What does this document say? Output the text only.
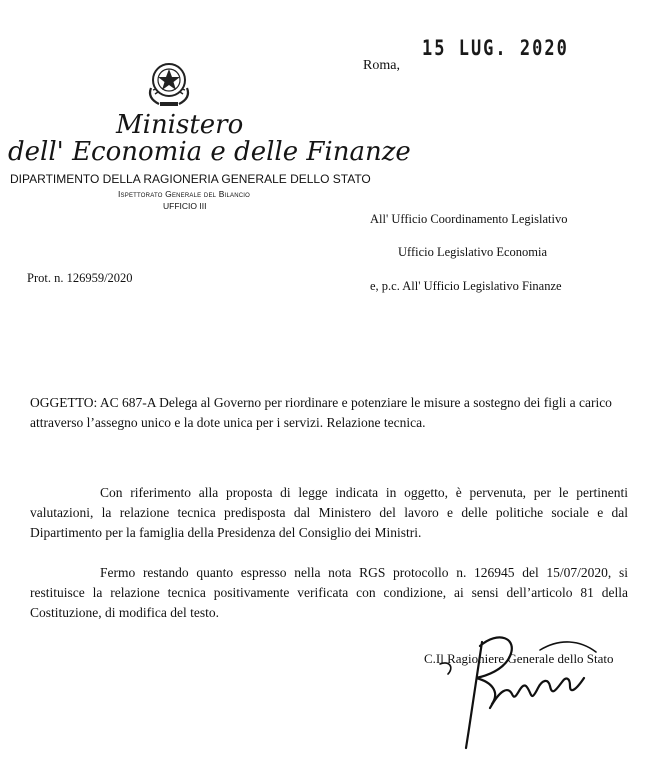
Ministero
dell' Economia e delle Finanze
DIPARTIMENTO DELLA RAGIONERIA GENERALE DELLO STATO
Ispettorato Generale del Bilancio
UFFICIO III
Roma,
15 LUG. 2020
All' Ufficio Coordinamento Legislativo
Ufficio Legislativo Economia
e, p.c. All' Ufficio Legislativo Finanze
Prot. n. 126959/2020
OGGETTO: AC 687-A Delega al Governo per riordinare e potenziare le misure a sostegno dei figli a carico attraverso l’assegno unico e la dote unica per i servizi. Relazione tecnica.
Con riferimento alla proposta di legge indicata in oggetto, è pervenuta, per le pertinenti valutazioni, la relazione tecnica predisposta dal Ministero del lavoro e delle politiche sociale e dal Dipartimento per la famiglia della Presidenza del Consiglio dei Ministri.
Fermo restando quanto espresso nella nota RGS protocollo n. 126945 del 15/07/2020, si restituisce la relazione tecnica positivamente verificata con condizione, ai sensi dell’articolo 81 della Costituzione, di modifica del testo.
C.Il Ragioniere Generale dello Stato
